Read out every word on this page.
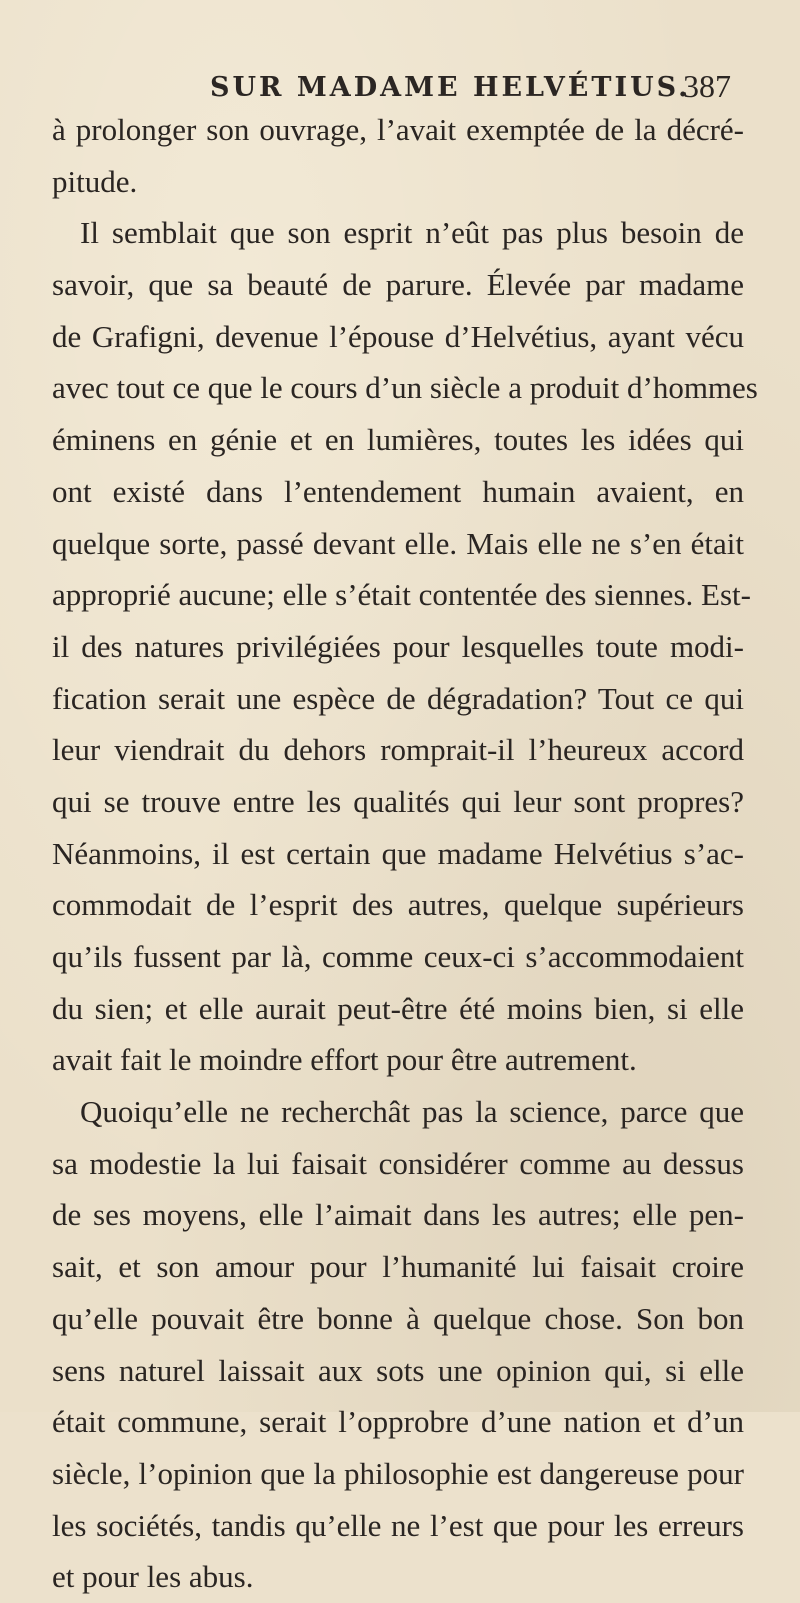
SUR MADAME HELVÉTIUS.
387
à prolonger son ouvrage, l’avait exemptée de la décré-
pitude.
Il semblait que son esprit n’eût pas plus besoin de
savoir, que sa beauté de parure. Élevée par madame
de Grafigni, devenue l’épouse d’Helvétius, ayant vécu
avec tout ce que le cours d’un siècle a produit d’hommes
éminens en génie et en lumières, toutes les idées qui
ont existé dans l’entendement humain avaient, en
quelque sorte, passé devant elle. Mais elle ne s’en était
approprié aucune; elle s’était contentée des siennes. Est-
il des natures privilégiées pour lesquelles toute modi-
fication serait une espèce de dégradation? Tout ce qui
leur viendrait du dehors romprait-il l’heureux accord
qui se trouve entre les qualités qui leur sont propres?
Néanmoins, il est certain que madame Helvétius s’ac-
commodait de l’esprit des autres, quelque supérieurs
qu’ils fussent par là, comme ceux-ci s’accommodaient
du sien; et elle aurait peut-être été moins bien, si elle
avait fait le moindre effort pour être autrement.
Quoiqu’elle ne recherchât pas la science, parce que
sa modestie la lui faisait considérer comme au dessus
de ses moyens, elle l’aimait dans les autres; elle pen-
sait, et son amour pour l’humanité lui faisait croire
qu’elle pouvait être bonne à quelque chose. Son bon
sens naturel laissait aux sots une opinion qui, si elle
était commune, serait l’opprobre d’une nation et d’un
siècle, l’opinion que la philosophie est dangereuse pour
les sociétés, tandis qu’elle ne l’est que pour les erreurs
et pour les abus.
